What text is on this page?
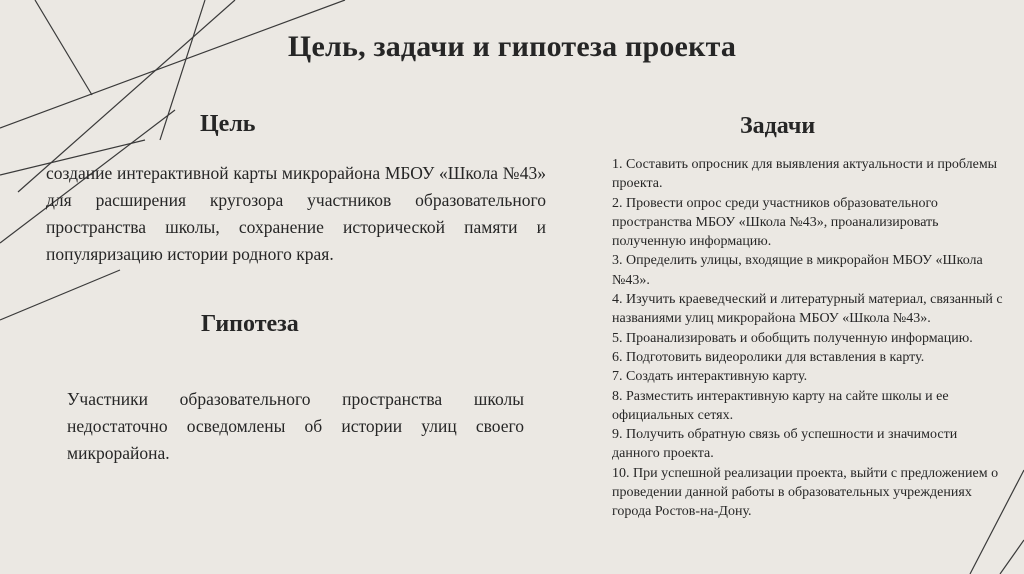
Цель, задачи и гипотеза проекта
Цель
создание интерактивной карты микрорайона МБОУ «Школа №43» для расширения кругозора участников образовательного пространства школы, сохранение исторической памяти и популяризацию истории родного края.
Гипотеза
Участники образовательного пространства школы недостаточно осведомлены об истории улиц своего микрорайона.
Задачи

1. Составить опросник для выявления актуальности и проблемы проекта.

2. Провести опрос среди участников образовательного пространства МБОУ «Школа №43», проанализировать полученную информацию.

3. Определить улицы, входящие в микрорайон МБОУ «Школа №43».

4. Изучить краеведческий и литературный материал, связанный с названиями улиц микрорайона МБОУ «Школа №43».

5. Проанализировать и обобщить полученную информацию.

6. Подготовить видеоролики для вставления в карту.

7. Создать интерактивную карту.

8. Разместить интерактивную карту на сайте школы и ее официальных сетях.

9. Получить обратную связь об успешности и значимости данного проекта.

10. При успешной реализации проекта, выйти с предложением о проведении данной работы в образовательных учреждениях города Ростов-на-Дону.
